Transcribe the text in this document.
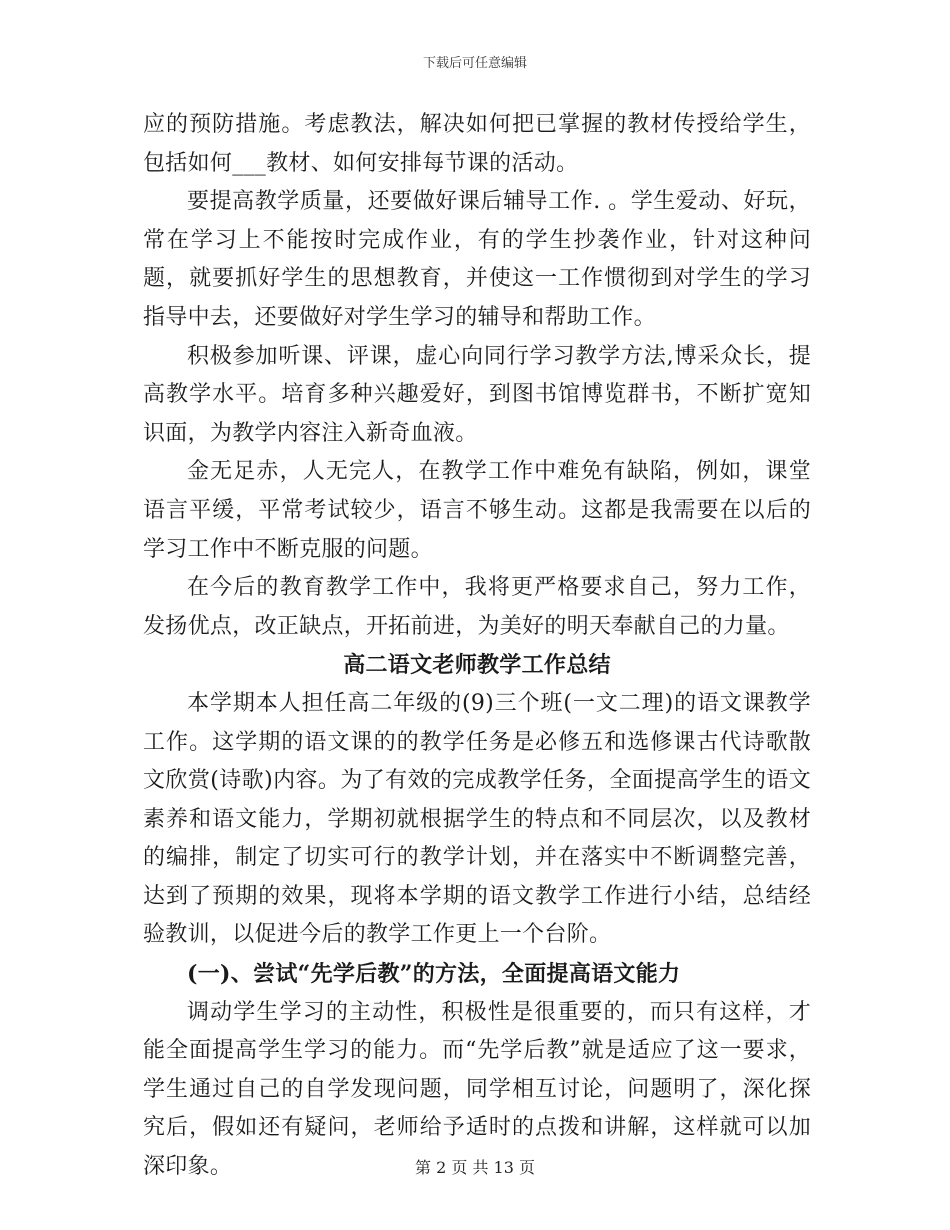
下载后可任意编辑

应的预防措施。考虑教法，解决如何把已掌握的教材传授给学生，包括如何___教材、如何安排每节课的活动。

要提高教学质量，还要做好课后辅导工作. 。学生爱动、好玩，常在学习上不能按时完成作业，有的学生抄袭作业，针对这种问题，就要抓好学生的思想教育，并使这一工作惯彻到对学生的学习指导中去，还要做好对学生学习的辅导和帮助工作。

积极参加听课、评课，虚心向同行学习教学方法,博采众长，提高教学水平。培育多种兴趣爱好，到图书馆博览群书，不断扩宽知识面，为教学内容注入新奇血液。

金无足赤，人无完人，在教学工作中难免有缺陷，例如，课堂语言平缓，平常考试较少，语言不够生动。这都是我需要在以后的学习工作中不断克服的问题。

在今后的教育教学工作中，我将更严格要求自己，努力工作，发扬优点，改正缺点，开拓前进，为美好的明天奉献自己的力量。

高二语文老师教学工作总结

本学期本人担任高二年级的(9)三个班(一文二理)的语文课教学工作。这学期的语文课的的教学任务是必修五和选修课古代诗歌散文欣赏(诗歌)内容。为了有效的完成教学任务，全面提高学生的语文素养和语文能力，学期初就根据学生的特点和不同层次，以及教材的编排，制定了切实可行的教学计划，并在落实中不断调整完善，达到了预期的效果，现将本学期的语文教学工作进行小结，总结经验教训，以促进今后的教学工作更上一个台阶。

(一)、尝试“先学后教”的方法，全面提高语文能力

调动学生学习的主动性，积极性是很重要的，而只有这样，才能全面提高学生学习的能力。而“先学后教”就是适应了这一要求，学生通过自己的自学发现问题，同学相互讨论，问题明了，深化探究后，假如还有疑问，老师给予适时的点拨和讲解，这样就可以加深印象。	第 2 页 共 13 页
